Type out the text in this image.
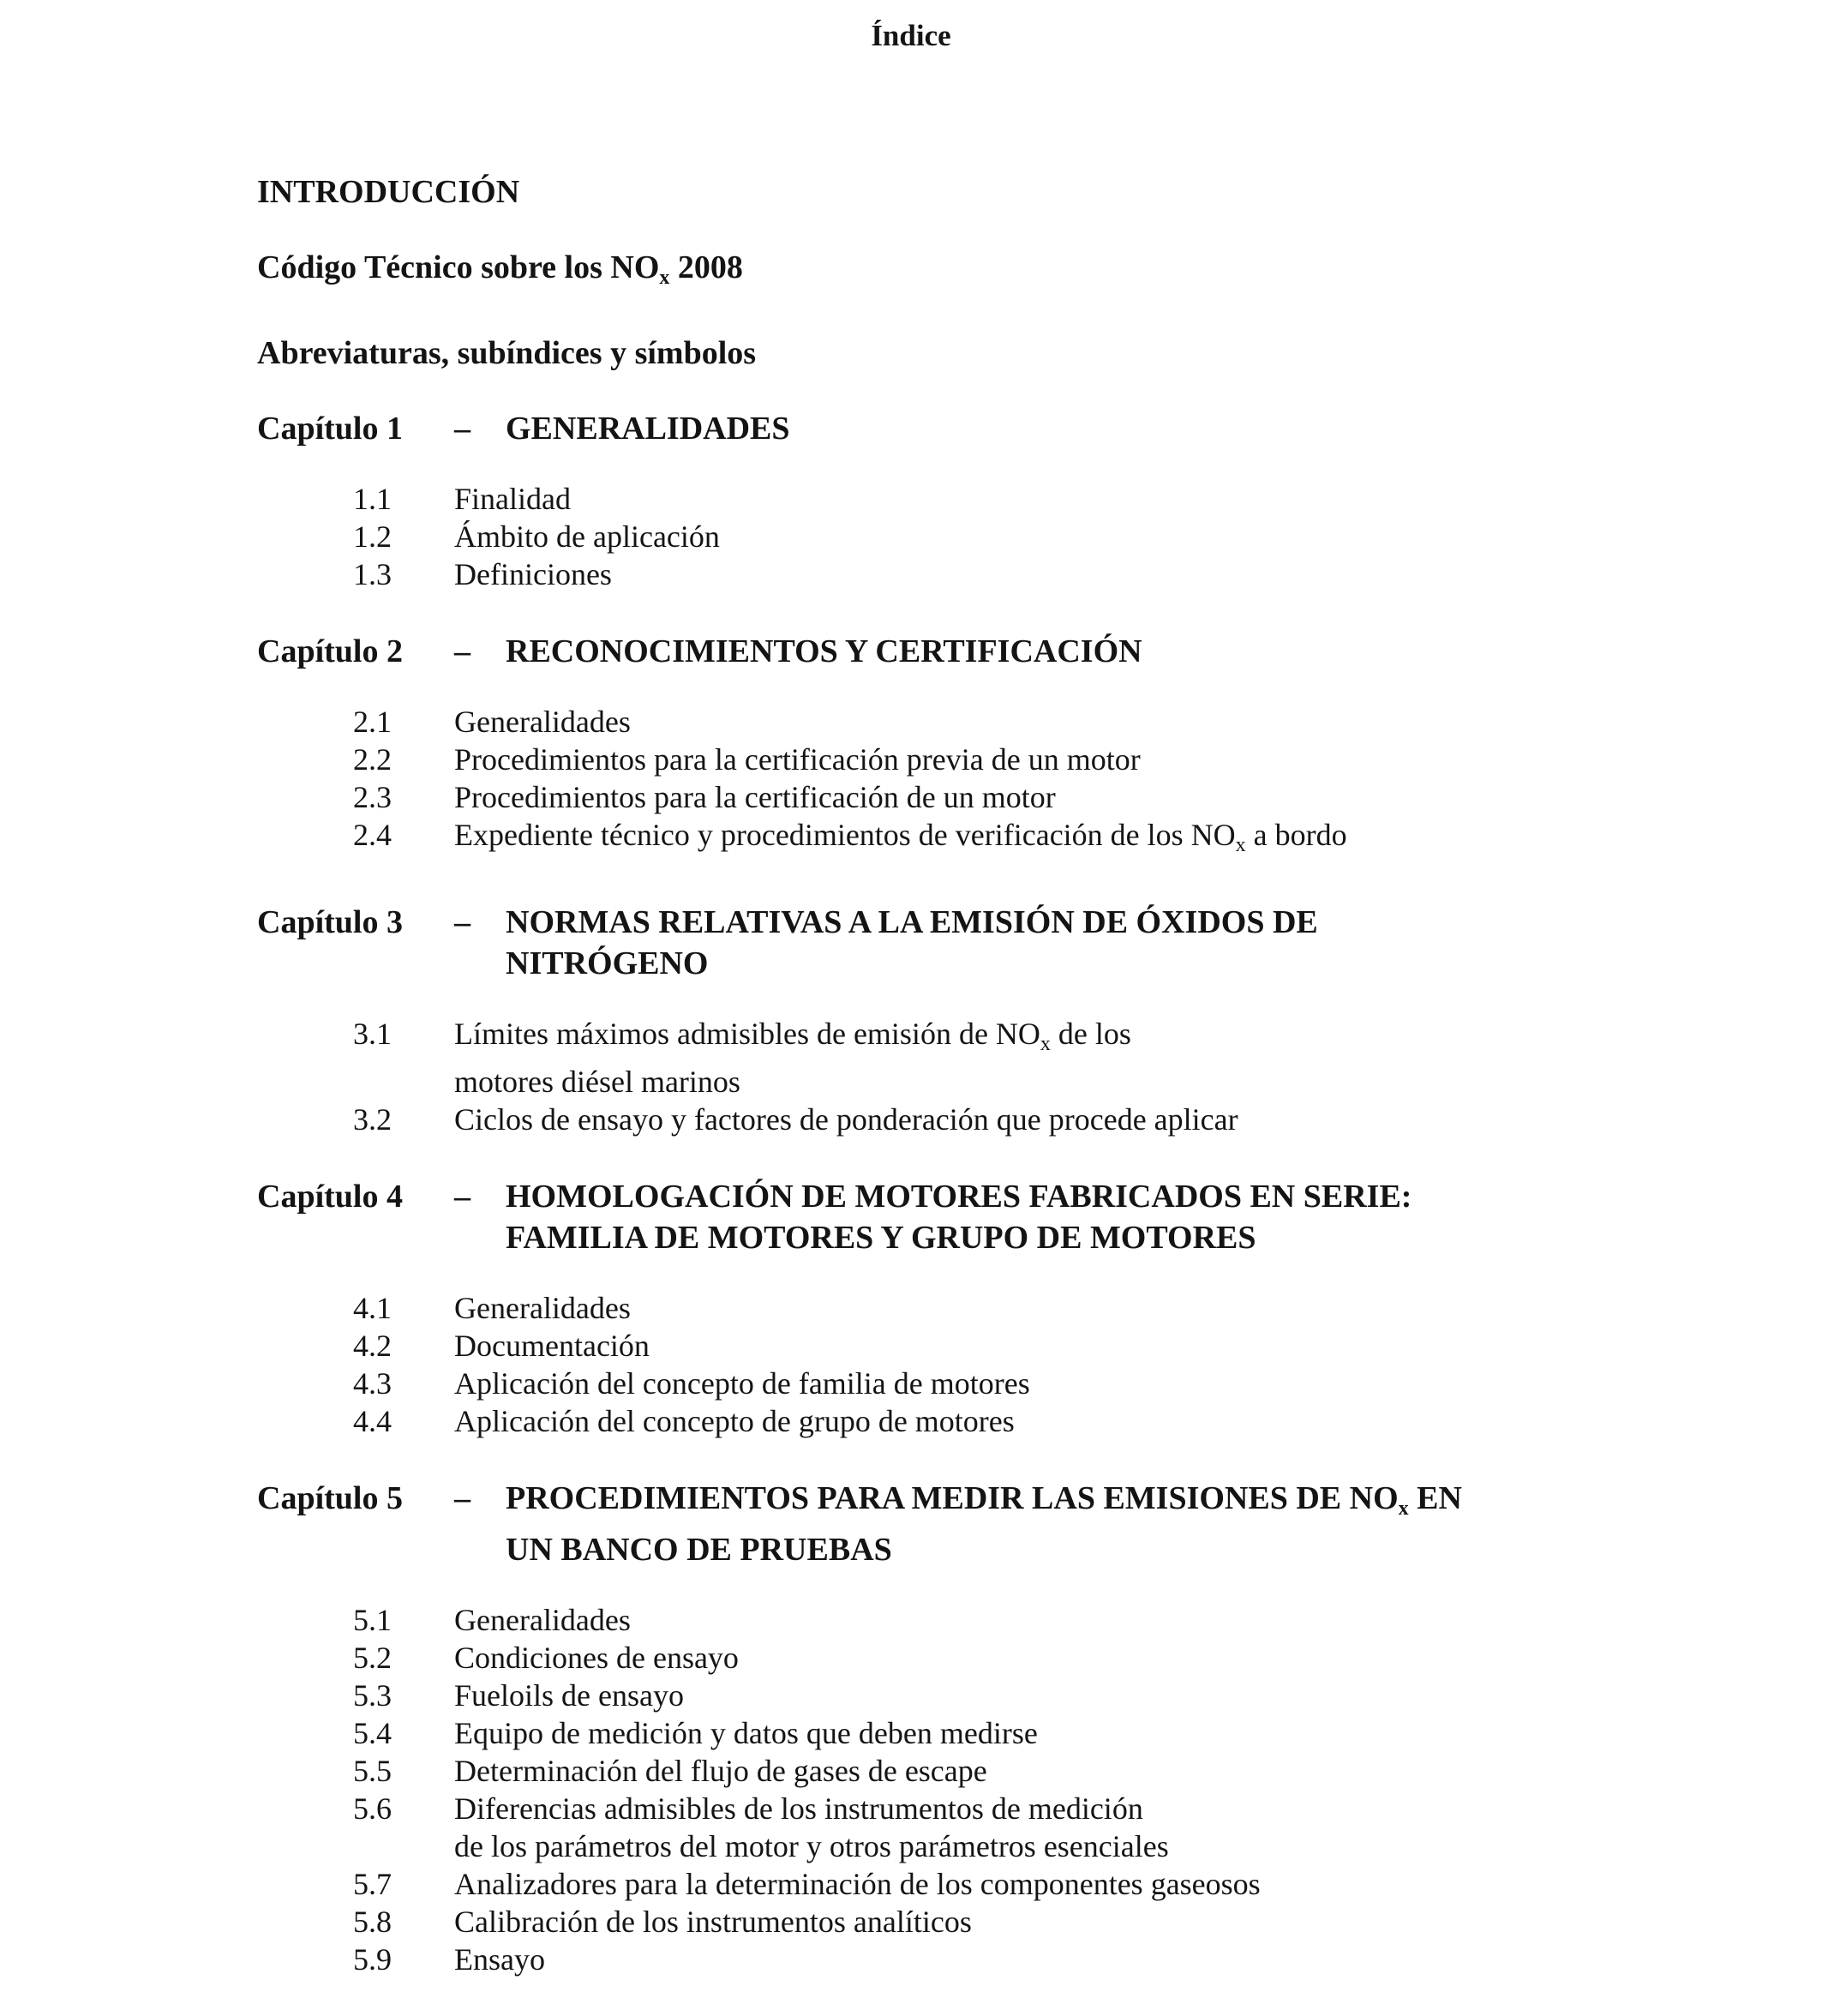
Índice
INTRODUCCIÓN
Código Técnico sobre los $NO_x$ 2008
Abreviaturas, subíndices y símbolos
Capítulo 1	–	GENERALIDADES
1.1	Finalidad
1.2	Ámbito de aplicación
1.3	Definiciones
Capítulo 2	–	RECONOCIMIENTOS Y CERTIFICACIÓN
2.1	Generalidades
2.2	Procedimientos para la certificación previa de un motor
2.3	Procedimientos para la certificación de un motor
2.4	Expediente técnico y procedimientos de verificación de los $NO_x$ a bordo
Capítulo 3	–	NORMAS RELATIVAS A LA EMISIÓN DE ÓXIDOS DE
NITRÓGENO
3.1	Límites máximos admisibles de emisión de $NO_x$ de los
motores diésel marinos
3.2	Ciclos de ensayo y factores de ponderación que procede aplicar
Capítulo 4	–	HOMOLOGACIÓN DE MOTORES FABRICADOS EN SERIE:
FAMILIA DE MOTORES Y GRUPO DE MOTORES
4.1	Generalidades
4.2	Documentación
4.3	Aplicación del concepto de familia de motores
4.4	Aplicación del concepto de grupo de motores
Capítulo 5	–	PROCEDIMIENTOS PARA MEDIR LAS EMISIONES DE $NO_x$ EN
UN BANCO DE PRUEBAS
5.1	Generalidades
5.2	Condiciones de ensayo
5.3	Fueloils de ensayo
5.4	Equipo de medición y datos que deben medirse
5.5	Determinación del flujo de gases de escape
5.6	Diferencias admisibles de los instrumentos de medición
de los parámetros del motor y otros parámetros esenciales
5.7	Analizadores para la determinación de los componentes gaseosos
5.8	Calibración de los instrumentos analíticos
5.9	Ensayo
